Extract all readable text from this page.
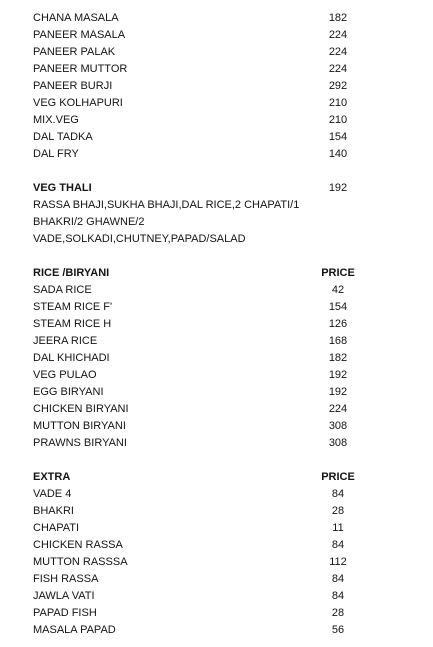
CHANA MASALA	182
PANEER MASALA	224
PANEER PALAK	224
PANEER MUTTOR	224
PANEER BURJI	292
VEG KOLHAPURI	210
MIX.VEG	210
DAL TADKA	154
DAL FRY	140
VEG THALI	192
RASSA BHAJI,SUKHA BHAJI,DAL RICE,2 CHAPATI/1
BHAKRI/2 GHAWNE/2
VADE,SOLKADI,CHUTNEY,PAPAD/SALAD
RICE /BIRYANI	PRICE
SADA RICE	42
STEAM RICE F'	154
STEAM RICE H	126
JEERA RICE	168
DAL KHICHADI	182
VEG PULAO	192
EGG BIRYANI	192
CHICKEN BIRYANI	224
MUTTON BIRYANI	308
PRAWNS BIRYANI	308
EXTRA	PRICE
VADE 4	84
BHAKRI	28
CHAPATI	11
CHICKEN RASSA	84
MUTTON RASSSA	112
FISH RASSA	84
JAWLA VATI	84
PAPAD FISH	28
MASALA PAPAD	56
